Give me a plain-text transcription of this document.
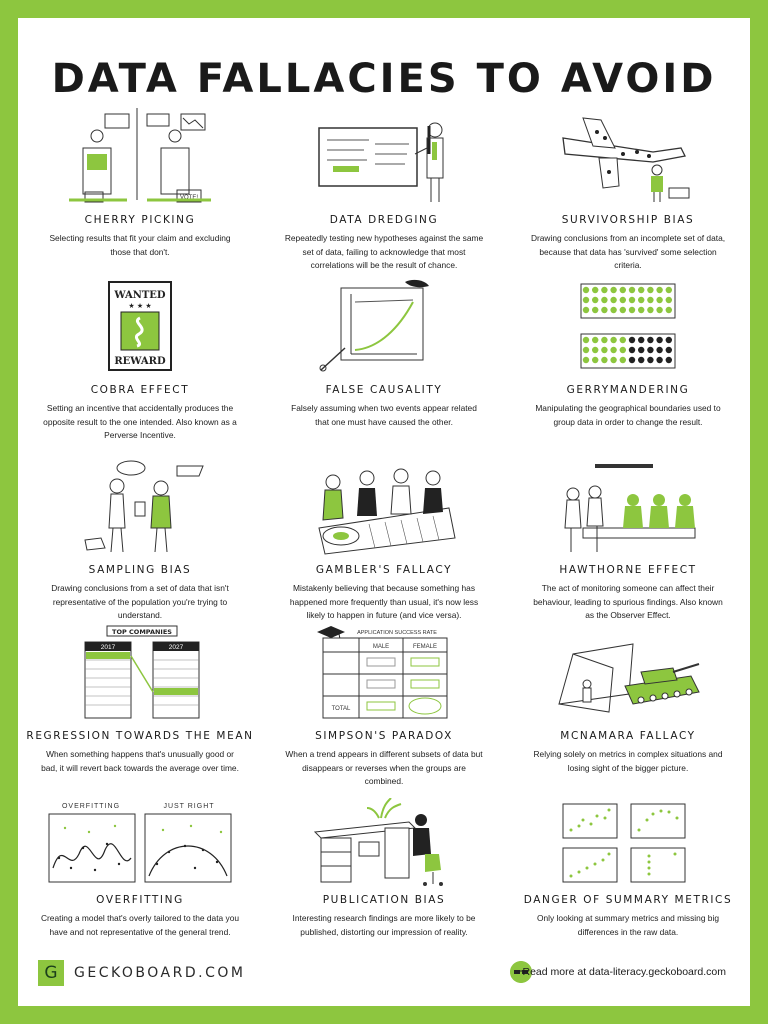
DATA FALLACIES TO AVOID
VOTE!
CHERRY PICKING
Selecting results that fit your claim and excluding those that don't.
DATA DREDGING
Repeatedly testing new hypotheses against the same set of data, failing to acknowledge that most correlations will be the result of chance.
SURVIVORSHIP BIAS
Drawing conclusions from an incomplete set of data, because that data has 'survived' some selection criteria.
WANTED
★ ★ ★
REWARD
COBRA EFFECT
Setting an incentive that accidentally produces the opposite result to the one intended. Also known as a Perverse Incentive.
FALSE CAUSALITY
Falsely assuming when two events appear related that one must have caused the other.
GERRYMANDERING
Manipulating the geographical boundaries used to group data in order to change the result.
SAMPLING BIAS
Drawing conclusions from a set of data that isn't representative of the population you're trying to understand.
GAMBLER'S FALLACY
Mistakenly believing that because something has happened more frequently than usual, it's now less likely to happen in future (and vice versa).
HAWTHORNE EFFECT
The act of monitoring someone can affect their behaviour, leading to spurious findings. Also known as the Observer Effect.
TOP COMPANIES
2017	2027
REGRESSION TOWARDS THE MEAN
When something happens that's unusually good or bad, it will revert back towards the average over time.
APPLICATION SUCCESS RATE
MALE	FEMALE
TOTAL
SIMPSON'S PARADOX
When a trend appears in different subsets of data but disappears or reverses when the groups are combined.
MCNAMARA FALLACY
Relying solely on metrics in complex situations and losing sight of the bigger picture.
OVERFITTING	JUST RIGHT
OVERFITTING
Creating a model that's overly tailored to the data you have and not representative of the general trend.
PUBLICATION BIAS
Interesting research findings are more likely to be published, distorting our impression of reality.
DANGER OF SUMMARY METRICS
Only looking at summary metrics and missing big differences in the raw data.
G	GECKOBOARD.COM	Read more at data-literacy.geckoboard.com
